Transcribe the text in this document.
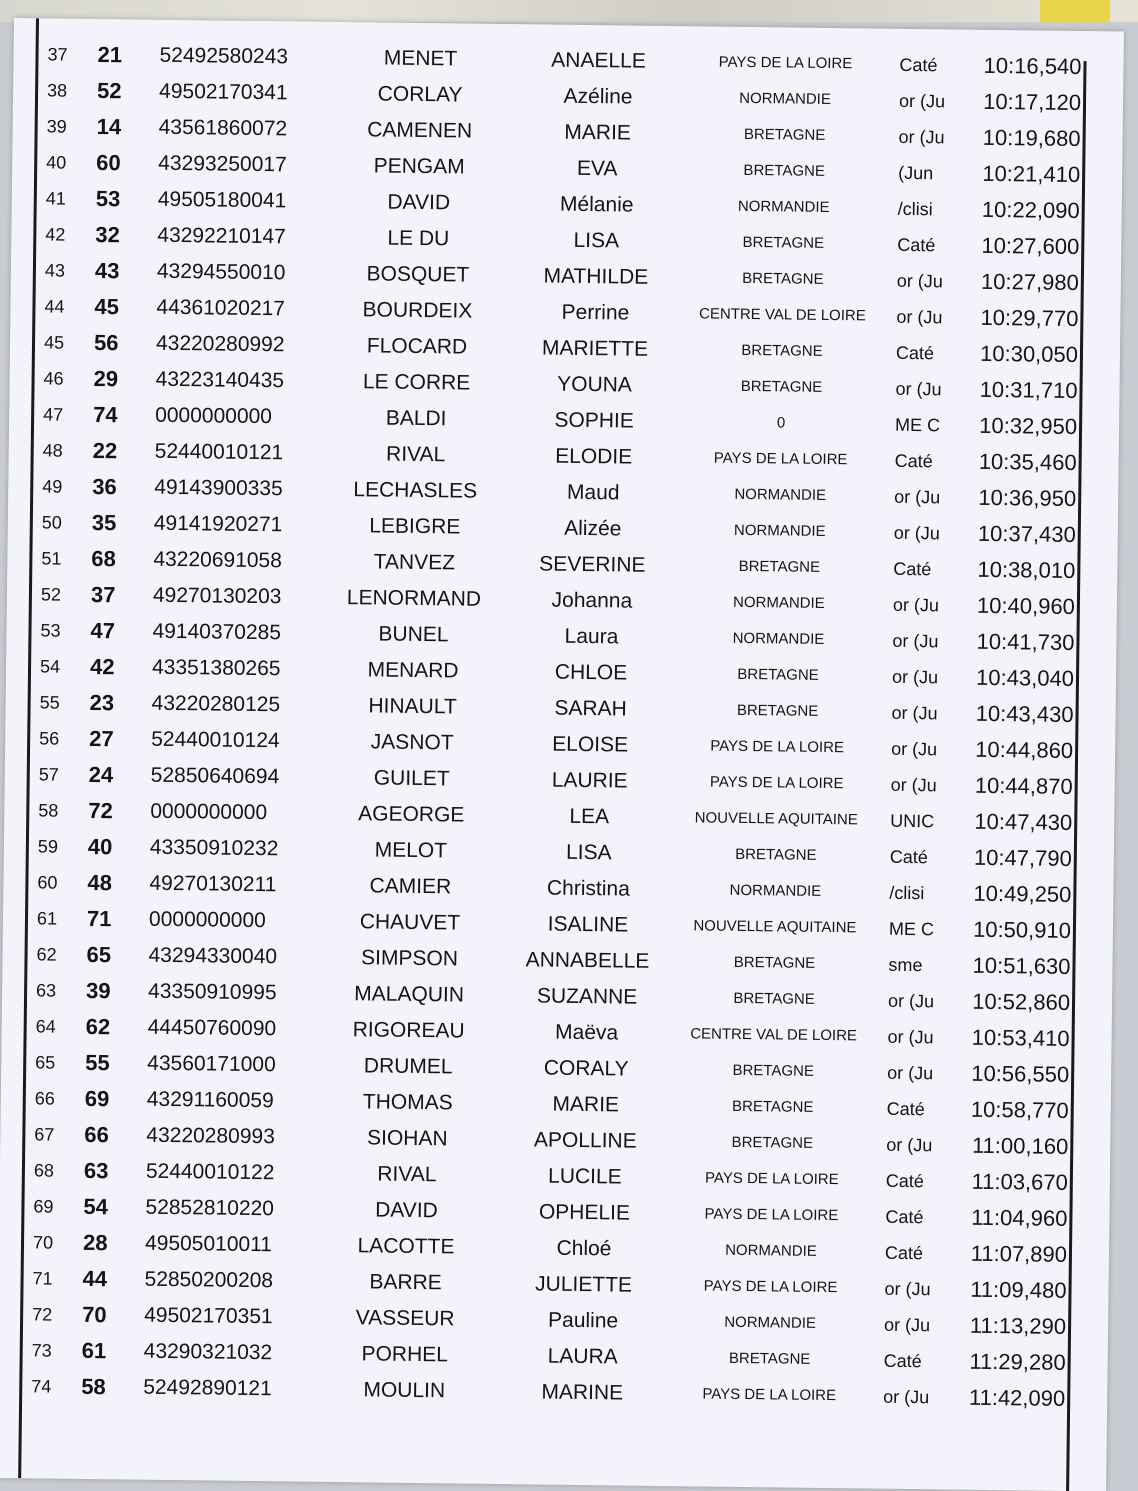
37	21	52492580243	MENET	ANAELLE	PAYS DE LA LOIRE	Caté	10:16,540
38	52	49502170341	CORLAY	Azéline	NORMANDIE	or (Ju	10:17,120
39	14	43561860072	CAMENEN	MARIE	BRETAGNE	or (Ju	10:19,680
40	60	43293250017	PENGAM	EVA	BRETAGNE	(Jun	10:21,410
41	53	49505180041	DAVID	Mélanie	NORMANDIE	/clisi	10:22,090
42	32	43292210147	LE DU	LISA	BRETAGNE	Caté	10:27,600
43	43	43294550010	BOSQUET	MATHILDE	BRETAGNE	or (Ju	10:27,980
44	45	44361020217	BOURDEIX	Perrine	CENTRE VAL DE LOIRE	or (Ju	10:29,770
45	56	43220280992	FLOCARD	MARIETTE	BRETAGNE	Caté	10:30,050
46	29	43223140435	LE CORRE	YOUNA	BRETAGNE	or (Ju	10:31,710
47	74	0000000000	BALDI	SOPHIE	0	ME C	10:32,950
48	22	52440010121	RIVAL	ELODIE	PAYS DE LA LOIRE	Caté	10:35,460
49	36	49143900335	LECHASLES	Maud	NORMANDIE	or (Ju	10:36,950
50	35	49141920271	LEBIGRE	Alizée	NORMANDIE	or (Ju	10:37,430
51	68	43220691058	TANVEZ	SEVERINE	BRETAGNE	Caté	10:38,010
52	37	49270130203	LENORMAND	Johanna	NORMANDIE	or (Ju	10:40,960
53	47	49140370285	BUNEL	Laura	NORMANDIE	or (Ju	10:41,730
54	42	43351380265	MENARD	CHLOE	BRETAGNE	or (Ju	10:43,040
55	23	43220280125	HINAULT	SARAH	BRETAGNE	or (Ju	10:43,430
56	27	52440010124	JASNOT	ELOISE	PAYS DE LA LOIRE	or (Ju	10:44,860
57	24	52850640694	GUILET	LAURIE	PAYS DE LA LOIRE	or (Ju	10:44,870
58	72	0000000000	AGEORGE	LEA	NOUVELLE AQUITAINE	UNIC	10:47,430
59	40	43350910232	MELOT	LISA	BRETAGNE	Caté	10:47,790
60	48	49270130211	CAMIER	Christina	NORMANDIE	/clisi	10:49,250
61	71	0000000000	CHAUVET	ISALINE	NOUVELLE AQUITAINE	ME C	10:50,910
62	65	43294330040	SIMPSON	ANNABELLE	BRETAGNE	sme	10:51,630
63	39	43350910995	MALAQUIN	SUZANNE	BRETAGNE	or (Ju	10:52,860
64	62	44450760090	RIGOREAU	Maëva	CENTRE VAL DE LOIRE	or (Ju	10:53,410
65	55	43560171000	DRUMEL	CORALY	BRETAGNE	or (Ju	10:56,550
66	69	43291160059	THOMAS	MARIE	BRETAGNE	Caté	10:58,770
67	66	43220280993	SIOHAN	APOLLINE	BRETAGNE	or (Ju	11:00,160
68	63	52440010122	RIVAL	LUCILE	PAYS DE LA LOIRE	Caté	11:03,670
69	54	52852810220	DAVID	OPHELIE	PAYS DE LA LOIRE	Caté	11:04,960
70	28	49505010011	LACOTTE	Chloé	NORMANDIE	Caté	11:07,890
71	44	52850200208	BARRE	JULIETTE	PAYS DE LA LOIRE	or (Ju	11:09,480
72	70	49502170351	VASSEUR	Pauline	NORMANDIE	or (Ju	11:13,290
73	61	43290321032	PORHEL	LAURA	BRETAGNE	Caté	11:29,280
74	58	52492890121	MOULIN	MARINE	PAYS DE LA LOIRE	or (Ju	11:42,090
